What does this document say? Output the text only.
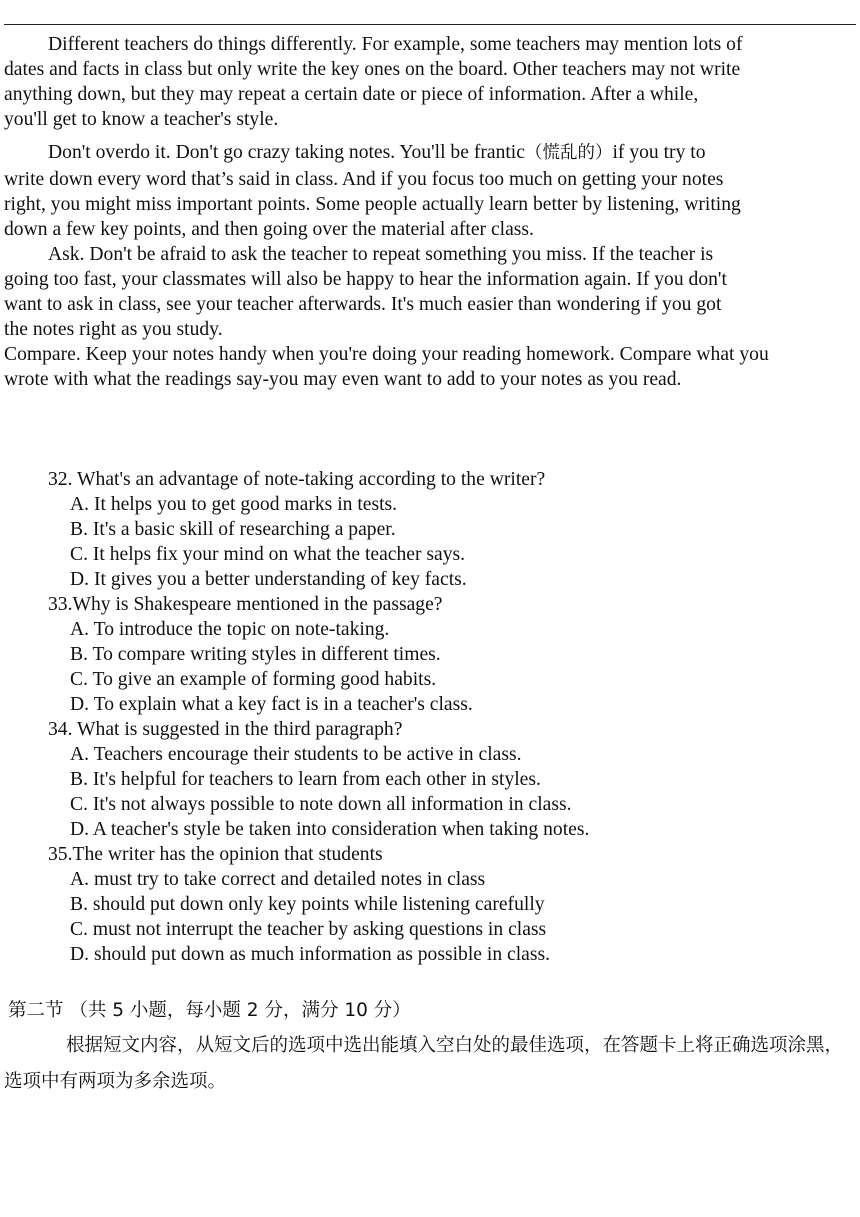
Different teachers do things differently. For example, some teachers may mention lots of
dates and facts in class but only write the key ones on the board. Other teachers may not write
anything down, but they may repeat a certain date or piece of information. After a while,
you'll get to know a teacher's style.
Don't overdo it. Don't go crazy taking notes. You'll be frantic（慌乱的）if you try to
write down every word that’s said in class. And if you focus too much on getting your notes
right, you might miss important points. Some people actually learn better by listening, writing
down a few key points, and then going over the material after class.
Ask. Don't be afraid to ask the teacher to repeat something you miss. If the teacher is
going too fast, your classmates will also be happy to hear the information again. If you don't
want to ask in class, see your teacher afterwards. It's much easier than wondering if you got
the notes right as you study.
Compare. Keep your notes handy when you're doing your reading homework. Compare what you
wrote with what the readings say-you may even want to add to your notes as you read.
32. What's an advantage of note-taking according to the writer?
A. It helps you to get good marks in tests.
B. It's a basic skill of researching a paper.
C. It helps fix your mind on what the teacher says.
D. It gives you a better understanding of key facts.
33.Why is Shakespeare mentioned in the passage?
A. To introduce the topic on note-taking.
B. To compare writing styles in different times.
C. To give an example of forming good habits.
D. To explain what a key fact is in a teacher's class.
34. What is suggested in the third paragraph?
A. Teachers encourage their students to be active in class.
B. It's helpful for teachers to learn from each other in styles.
C. It's not always possible to note down all information in class.
D. A teacher's style be taken into consideration when taking notes.
35.The writer has the opinion that students
A. must try to take correct and detailed notes in class
B. should put down only key points while listening carefully
C. must not interrupt the teacher by asking questions in class
D. should put down as much information as possible in class.
第二节 （共 5 小题，每小题 2 分，满分 10 分）
根据短文内容，从短文后的选项中选出能填入空白处的最佳选项，在答题卡上将正确选项涂黑，选项中有两项为多余选项。
